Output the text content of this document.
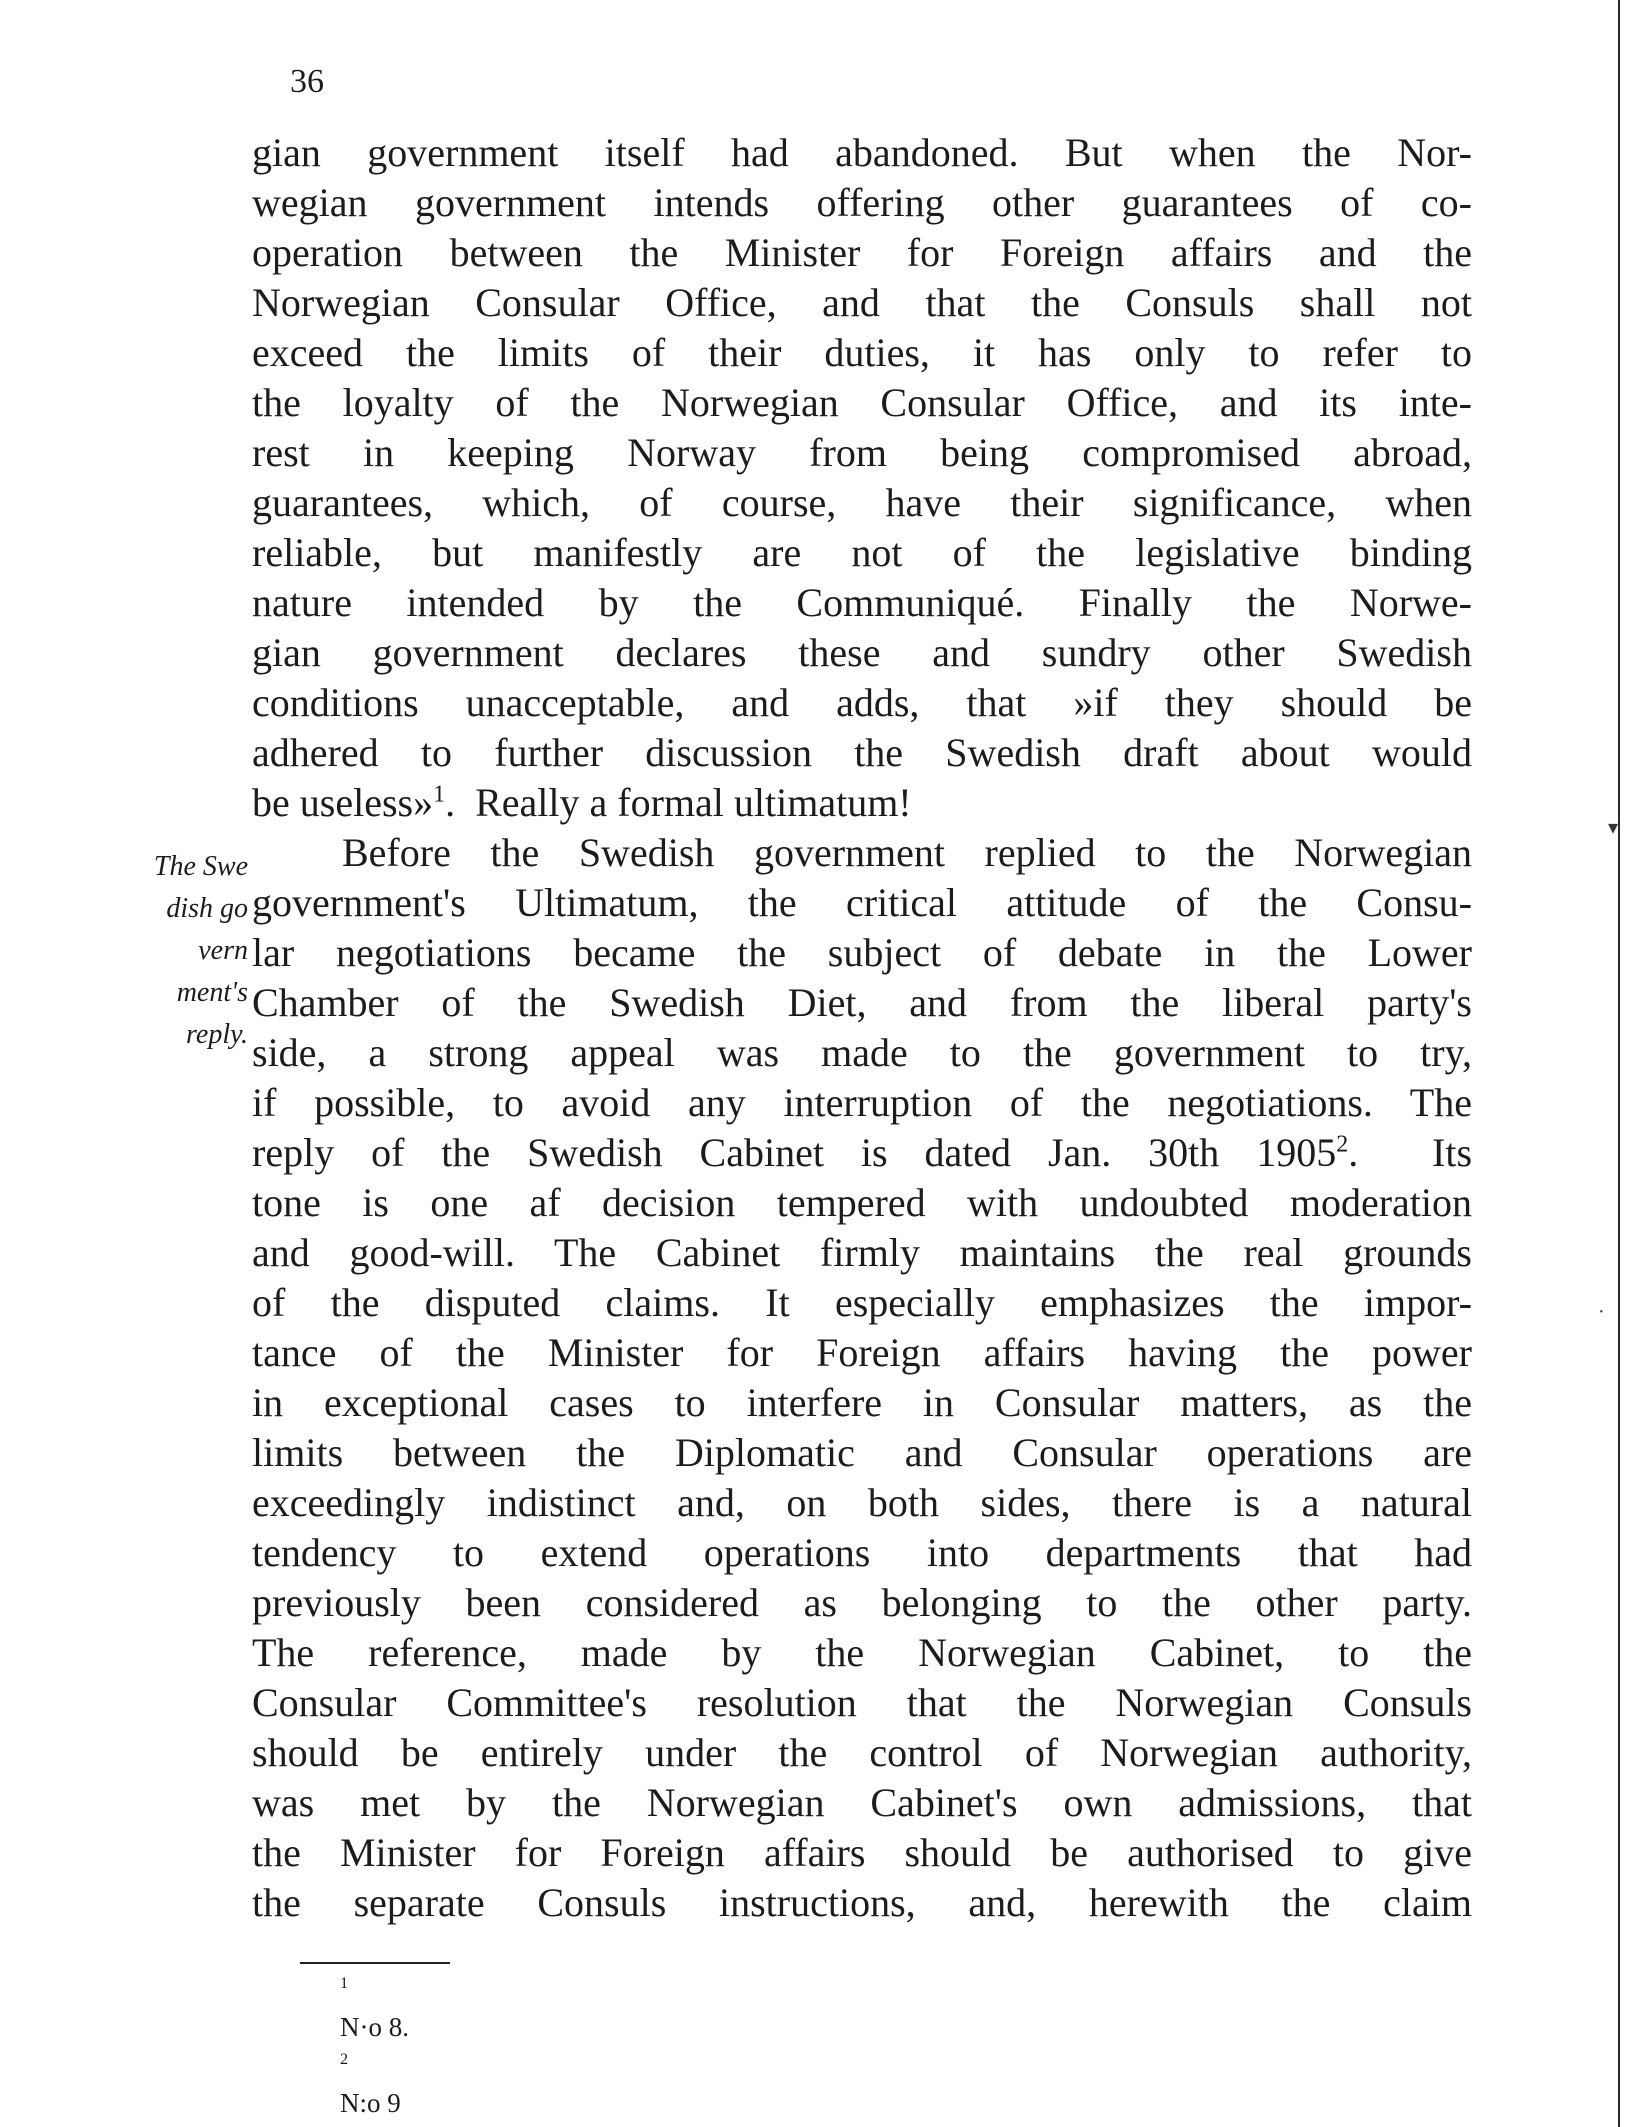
36
The Swe
dish go
vern
ment's
reply.
gian government itself had abandoned. But when the Nor-
wegian government intends offering other guarantees of co-
operation between the Minister for Foreign affairs and the
Norwegian Consular Office, and that the Consuls shall not
exceed the limits of their duties, it has only to refer to
the loyalty of the Norwegian Consular Office, and its inte-
rest in keeping Norway from being compromised abroad,
guarantees, which, of course, have their significance, when
reliable, but manifestly are not of the legislative binding
nature intended by the Communiqué. Finally the Norwe-
gian government declares these and sundry other Swedish
conditions unacceptable, and adds, that »if they should be
adhered to further discussion the Swedish draft about would
be useless»$^1$.  Really a formal ultimatum!
Before the Swedish government replied to the Norwegian
government's Ultimatum, the critical attitude of the Consu-
lar negotiations became the subject of debate in the Lower
Chamber of the Swedish Diet, and from the liberal party's
side, a strong appeal was made to the government to try,
if possible, to avoid any interruption of the negotiations. The
reply of the Swedish Cabinet is dated Jan. 30th 1905$^2$.  Its
tone is one af decision tempered with undoubted moderation
and good-will. The Cabinet firmly maintains the real grounds
of the disputed claims. It especially emphasizes the impor-
tance of the Minister for Foreign affairs having the power
in exceptional cases to interfere in Consular matters, as the
limits between the Diplomatic and Consular operations are
exceedingly indistinct and, on both sides, there is a natural
tendency to extend operations into departments that had
previously been considered as belonging to the other party.
The reference, made by the Norwegian Cabinet, to the
Consular Committee's resolution that the Norwegian Consuls
should be entirely under the control of Norwegian authority,
was met by the Norwegian Cabinet's own admissions, that
the Minister for Foreign affairs should be authorised to give
the separate Consuls instructions, and, herewith the claim
$^1$
N·o 8.
$^2$
N:o 9
▾
·
